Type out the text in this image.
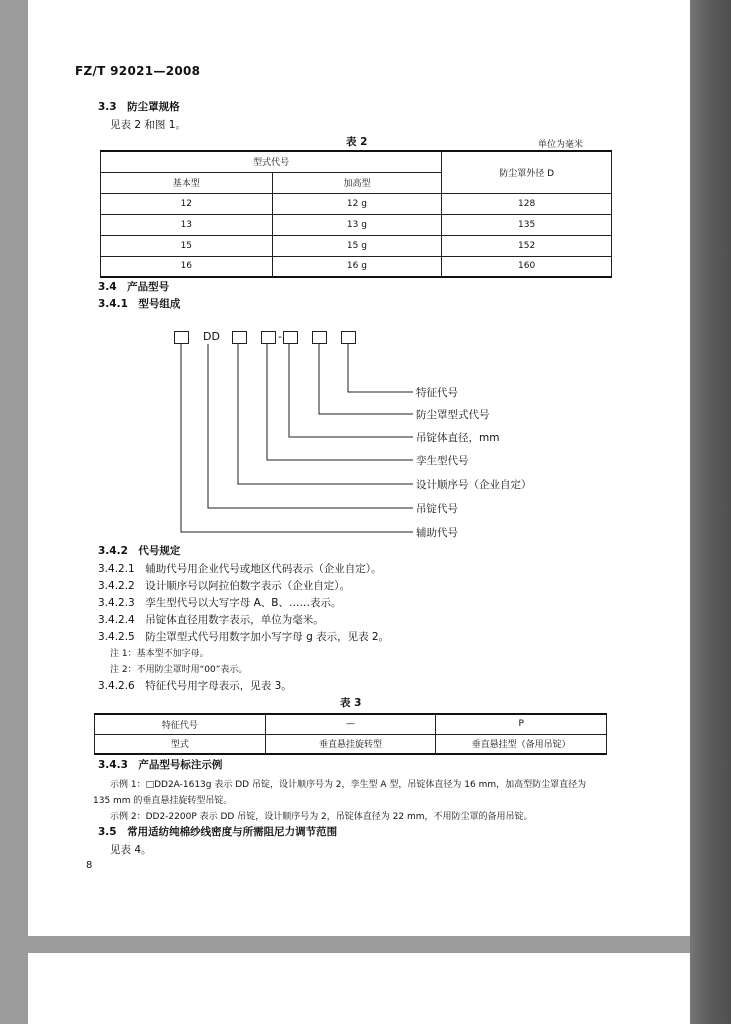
FZ/T 92021—2008
3.3　防尘罩规格
见表 2 和图 1。
表 2	单位为毫米
型式代号		防尘罩外径 D
基本型	加高型	
12	12 g	128
13	13 g	135
15	15 g	152
16	16 g	160
3.4　产品型号
3.4.1　型号组成
DD	-
特征代号
防尘罩型式代号
吊锭体直径，mm
孪生型代号
设计顺序号（企业自定）
吊锭代号
辅助代号
3.4.2　代号规定
3.4.2.1　辅助代号用企业代号或地区代码表示（企业自定）。
3.4.2.2　设计顺序号以阿拉伯数字表示（企业自定）。
3.4.2.3　孪生型代号以大写字母 A、B、……表示。
3.4.2.4　吊锭体直径用数字表示，单位为毫米。
3.4.2.5　防尘罩型式代号用数字加小写字母 g 表示，见表 2。
注 1：基本型不加字母。
注 2：不用防尘罩时用“00”表示。
3.4.2.6　特征代号用字母表示，见表 3。
表 3
特征代号	—	P
型式	垂直悬挂旋转型	垂直悬挂型（备用吊锭）
3.4.3　产品型号标注示例
示例 1：□DD2A-1613g 表示 DD 吊锭，设计顺序号为 2，孪生型 A 型，吊锭体直径为 16 mm，加高型防尘罩直径为
135 mm 的垂直悬挂旋转型吊锭。
示例 2：DD2-2200P 表示 DD 吊锭，设计顺序号为 2，吊锭体直径为 22 mm，不用防尘罩的备用吊锭。
3.5　常用适纺纯棉纱线密度与所需阻尼力调节范围
见表 4。
8
